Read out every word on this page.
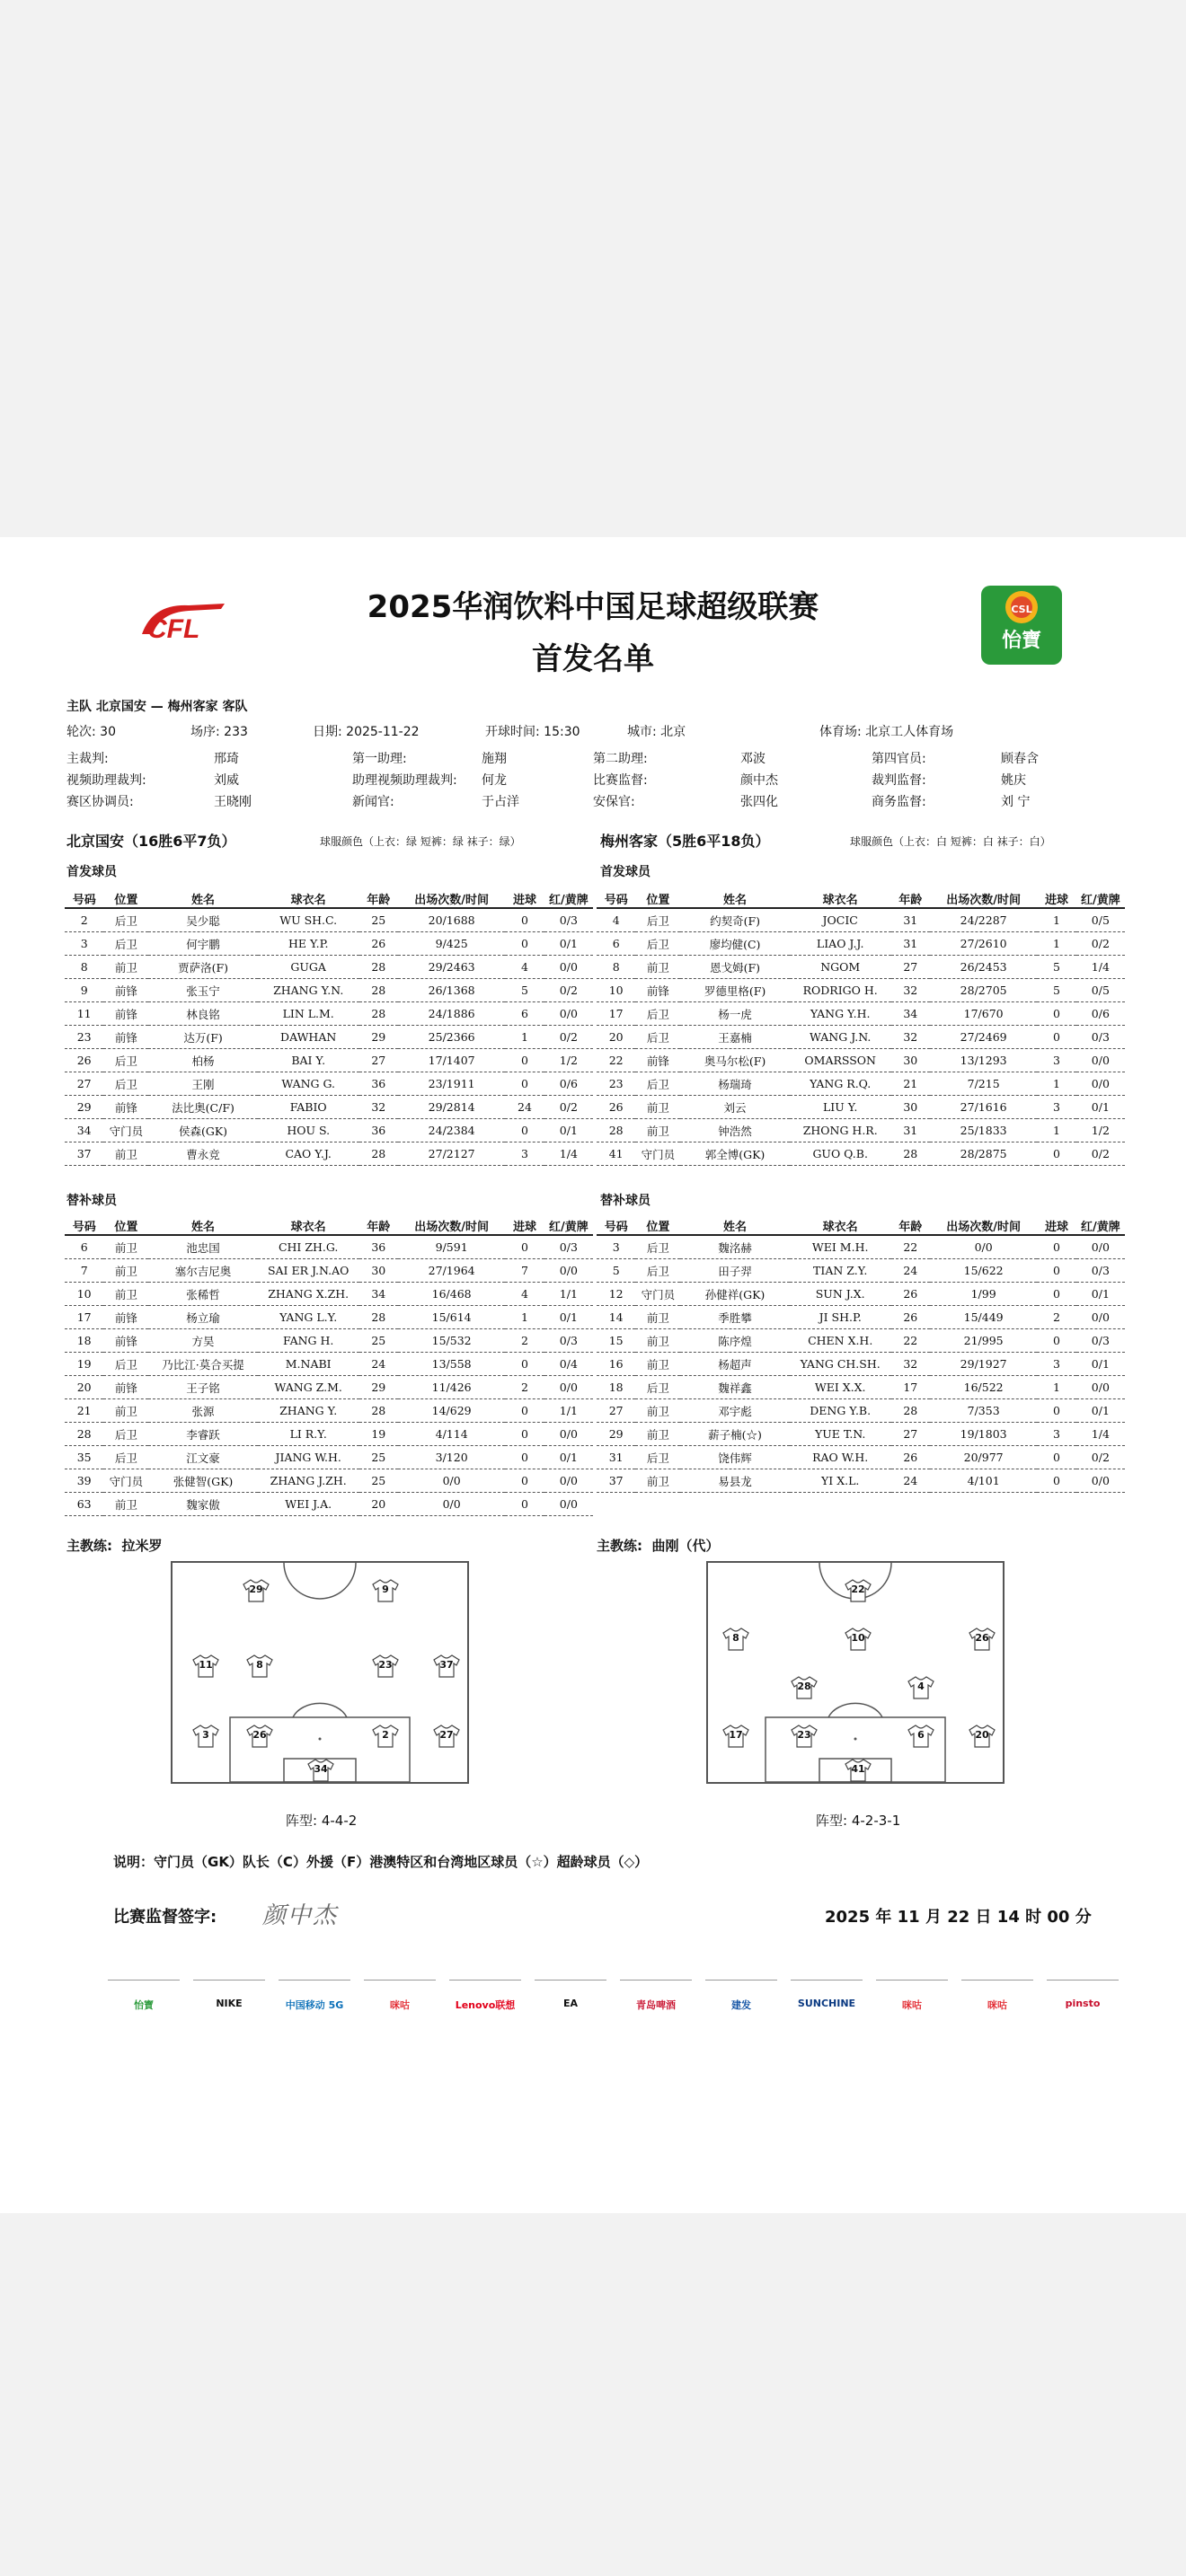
CFL
CSL
怡寶
2025华润饮料中国足球超级联赛
首发名单
主队 北京国安 — 梅州客家 客队
轮次: 30	场序: 233	日期: 2025-11-22	开球时间: 15:30	城市: 北京	体育场: 北京工人体育场
主裁判:	邢琦	第一助理:	施翔	第二助理:	邓波	第四官员:	顾春含
视频助理裁判:	刘威	助理视频助理裁判: 何龙	比赛监督:	颜中杰	裁判监督:	姚庆
赛区协调员:	王晓刚	新闻官:	于占洋	安保官:	张四化	商务监督:	刘 宁
北京国安（16胜6平7负）	球服颜色（上衣：绿 短裤：绿 袜子：绿）	梅州客家（5胜6平18负）	球服颜色（上衣：白 短裤：白 袜子：白）
首发球员	首发球员
号码	位置	姓名	球衣名	年龄	出场次数/时间	进球	红/黄牌
2	后卫	吴少聪	WU SH.C.	25	20/1688	0	0/3
3	后卫	何宇鹏	HE Y.P.	26	9/425	0	0/1
8	前卫	贾萨洛(F)	GUGA	28	29/2463	4	0/0
9	前锋	张玉宁	ZHANG Y.N.	28	26/1368	5	0/2
11	前锋	林良铭	LIN L.M.	28	24/1886	6	0/0
23	前锋	达万(F)	DAWHAN	29	25/2366	1	0/2
26	后卫	柏杨	BAI Y.	27	17/1407	0	1/2
27	后卫	王刚	WANG G.	36	23/1911	0	0/6
29	前锋	法比奥(C/F)	FABIO	32	29/2814	24	0/2
34	守门员	侯森(GK)	HOU S.	36	24/2384	0	0/1
37	前卫	曹永竞	CAO Y.J.	28	27/2127	3	1/4
号码	位置	姓名	球衣名	年龄	出场次数/时间	进球	红/黄牌
4	后卫	约契奇(F)	JOCIC	31	24/2287	1	0/5
6	后卫	廖均健(C)	LIAO J.J.	31	27/2610	1	0/2
8	前卫	恩戈姆(F)	NGOM	27	26/2453	5	1/4
10	前锋	罗德里格(F)	RODRIGO H.	32	28/2705	5	0/5
17	后卫	杨一虎	YANG Y.H.	34	17/670	0	0/6
20	后卫	王嘉楠	WANG J.N.	32	27/2469	0	0/3
22	前锋	奥马尔松(F)	OMARSSON	30	13/1293	3	0/0
23	后卫	杨瑞琦	YANG R.Q.	21	7/215	1	0/0
26	前卫	刘云	LIU Y.	30	27/1616	3	0/1
28	前卫	钟浩然	ZHONG H.R.	31	25/1833	1	1/2
41	守门员	郭全博(GK)	GUO Q.B.	28	28/2875	0	0/2
替补球员	替补球员
号码	位置	姓名	球衣名	年龄	出场次数/时间	进球	红/黄牌
6	前卫	池忠国	CHI ZH.G.	36	9/591	0	0/3
7	前卫	塞尔吉尼奥	SAI ER J.N.AO	30	27/1964	7	0/0
10	前卫	张稀哲	ZHANG X.ZH.	34	16/468	4	1/1
17	前锋	杨立瑜	YANG L.Y.	28	15/614	1	0/1
18	前锋	方昊	FANG H.	25	15/532	2	0/3
19	后卫	乃比江·莫合买提	M.NABI	24	13/558	0	0/4
20	前锋	王子铭	WANG Z.M.	29	11/426	2	0/0
21	前卫	张源	ZHANG Y.	28	14/629	0	1/1
28	后卫	李睿跃	LI R.Y.	19	4/114	0	0/0
35	后卫	江文豪	JIANG W.H.	25	3/120	0	0/1
39	守门员	张健智(GK)	ZHANG J.ZH.	25	0/0	0	0/0
63	前卫	魏家傲	WEI J.A.	20	0/0	0	0/0
号码	位置	姓名	球衣名	年龄	出场次数/时间	进球	红/黄牌
3	后卫	魏洺赫	WEI M.H.	22	0/0	0	0/0
5	后卫	田子羿	TIAN Z.Y.	24	15/622	0	0/3
12	守门员	孙健祥(GK)	SUN J.X.	26	1/99	0	0/1
14	前卫	季胜攀	JI SH.P.	26	15/449	2	0/0
15	前卫	陈序煌	CHEN X.H.	22	21/995	0	0/3
16	前卫	杨超声	YANG CH.SH.	32	29/1927	3	0/1
18	后卫	魏祥鑫	WEI X.X.	17	16/522	1	0/0
27	前卫	邓宇彪	DENG Y.B.	28	7/353	0	0/1
29	前卫	薪子楠(☆)	YUE T.N.	27	19/1803	3	1/4
31	后卫	饶伟辉	RAO W.H.	26	20/977	0	0/2
37	前卫	易县龙	YI X.L.	24	4/101	0	0/0
主教练: 拉米罗	主教练: 曲刚（代）
29	9
11	8	23	37
3	26	2	27
34
22
8	10	26
28	4
17	23	6	20
41
阵型: 4-4-2	阵型: 4-2-3-1
说明：守门员（GK）队长（C）外援（F）港澳特区和台湾地区球员（☆）超龄球员（◇）
比赛监督签字: 颜中杰	2025 年 11 月 22 日 14 时 00 分
怡寶	NIKE	中国移动 5G	咪咕	Lenovo联想	EA	青岛啤酒	建发	SUNCHINE	咪咕	咪咕	pinsto
